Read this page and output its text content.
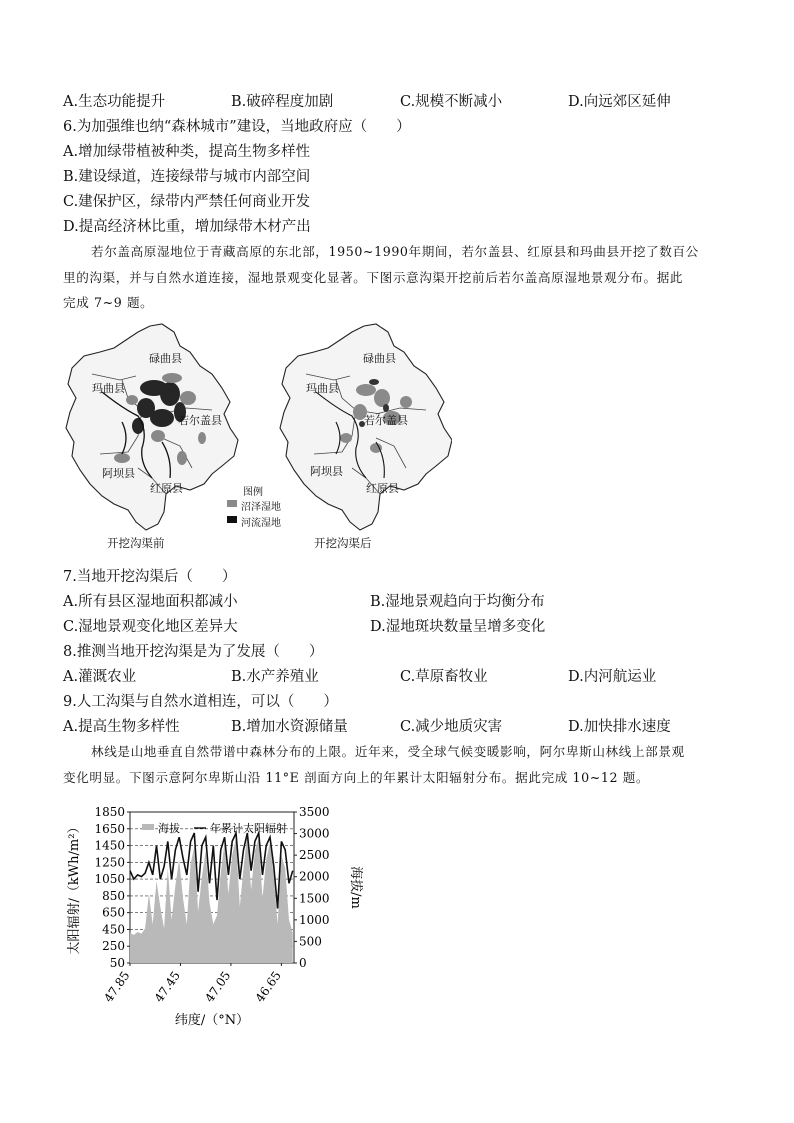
A.生态功能提升	B.破碎程度加剧	C.规模不断减小	D.向远郊区延伸
6.为加强维也纳“森林城市”建设，当地政府应（　　）
A.增加绿带植被种类，提高生物多样性
B.建设绿道，连接绿带与城市内部空间
C.建保护区，绿带内严禁任何商业开发
D.提高经济林比重，增加绿带木材产出
若尔盖高原湿地位于青藏高原的东北部，1950~1990年期间，若尔盖县、红原县和玛曲县开挖了数百公
里的沟渠，并与自然水道连接，湿地景观变化显著。下图示意沟渠开挖前后若尔盖高原湿地景观分布。据此
完成 7~9 题。
碌曲县
玛曲县
若尔盖县
阿坝县
红原县
开挖沟渠前
碌曲县
玛曲县
若尔盖县
阿坝县
红原县
开挖沟渠后
图例
沼泽湿地
河流湿地
7.当地开挖沟渠后（　　）
A.所有县区湿地面积都减小	B.湿地景观趋向于均衡分布
C.湿地景观变化地区差异大	D.湿地斑块数量呈增多变化
8.推测当地开挖沟渠是为了发展（　　）
A.灌溉农业	B.水产养殖业	C.草原畜牧业	D.内河航运业
9.人工沟渠与自然水道相连，可以（　　）
A.提高生物多样性	B.增加水资源储量	C.减少地质灾害	D.加快排水速度
林线是山地垂直自然带谱中森林分布的上限。近年来，受全球气候变暖影响，阿尔卑斯山林线上部景观
变化明显。下图示意阿尔卑斯山沿 11°E 剖面方向上的年累计太阳辐射分布。据此完成 10~12 题。
50
250
450
650
850
1050
1250
1450
1650
1850
0
500
1000
1500
2000
2500
3000
3500
47.85 47.45 47.05 46.65
纬度/（°N）
太阳辐射/（kWh/m²）	海拔/m
海拔	年累计太阳辐射
